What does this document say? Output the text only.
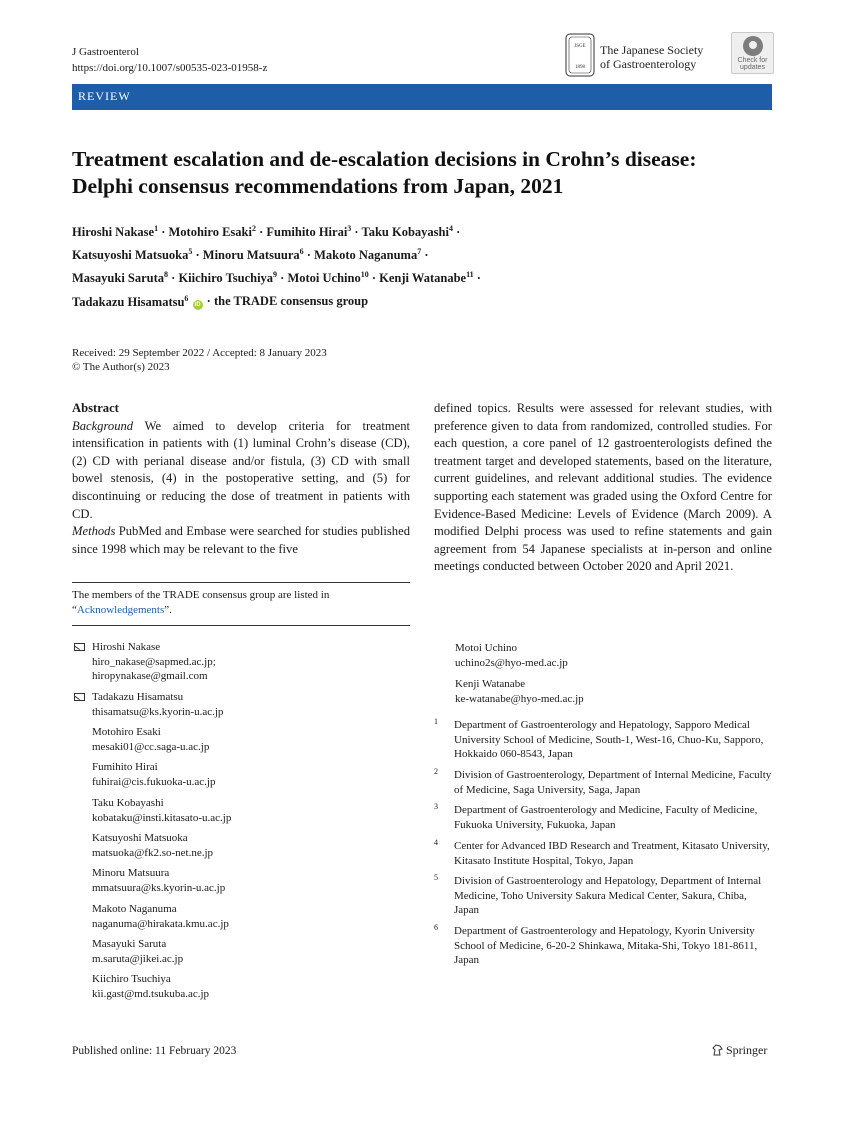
J Gastroenterol
https://doi.org/10.1007/s00535-023-01958-z
JSGE
1898
The Japanese Society
of Gastroenterology	Check for
updates
REVIEW
Treatment escalation and de-escalation decisions in Crohn’s disease: Delphi consensus recommendations from Japan, 2021
Hiroshi Nakase$^1$ · Motohiro Esaki$^2$ · Fumihito Hirai$^3$ · Taku Kobayashi$^4$ ·
Katsuyoshi Matsuoka$^5$ · Minoru Matsuura$^6$ · Makoto Naganuma$^7$ ·
Masayuki Saruta$^8$ · Kiichiro Tsuchiya$^9$ · Motoi Uchino$^{10}$ · Kenji Watanabe$^{11}$ ·
Tadakazu Hisamatsu$^6$ iD · the TRADE consensus group
Received: 29 September 2022 / Accepted: 8 January 2023
© The Author(s) 2023
Abstract
Background We aimed to develop criteria for treatment intensification in patients with (1) luminal Crohn’s disease (CD), (2) CD with perianal disease and/or fistula, (3) CD with small bowel stenosis, (4) in the postoperative setting, and (5) for discontinuing or reducing the dose of treatment in patients with CD.
Methods PubMed and Embase were searched for studies published since 1998 which may be relevant to the five
defined topics. Results were assessed for relevant studies, with preference given to data from randomized, controlled studies. For each question, a core panel of 12 gastroenterologists defined the treatment target and developed statements, based on the literature, current guidelines, and relevant additional studies. The evidence supporting each statement was graded using the Oxford Centre for Evidence-Based Medicine: Levels of Evidence (March 2009). A modified Delphi process was used to refine statements and gain agreement from 54 Japanese specialists at in-person and online meetings conducted between October 2020 and April 2021.
The members of the TRADE consensus group are listed in “Acknowledgements”.
Hiroshi Nakase
hiro_nakase@sapmed.ac.jp;
hiropynakase@gmail.com
Tadakazu Hisamatsu
thisamatsu@ks.kyorin-u.ac.jp
Motohiro Esaki
mesaki01@cc.saga-u.ac.jp
Fumihito Hirai
fuhirai@cis.fukuoka-u.ac.jp
Taku Kobayashi
kobataku@insti.kitasato-u.ac.jp
Katsuyoshi Matsuoka
matsuoka@fk2.so-net.ne.jp
Minoru Matsuura
mmatsuura@ks.kyorin-u.ac.jp
Makoto Naganuma
naganuma@hirakata.kmu.ac.jp
Masayuki Saruta
m.saruta@jikei.ac.jp
Kiichiro Tsuchiya
kii.gast@md.tsukuba.ac.jp
Motoi Uchino
uchino2s@hyo-med.ac.jp
Kenji Watanabe
ke-watanabe@hyo-med.ac.jp
1 Department of Gastroenterology and Hepatology, Sapporo Medical University School of Medicine, South-1, West-16, Chuo-Ku, Sapporo, Hokkaido 060-8543, Japan
2 Division of Gastroenterology, Department of Internal Medicine, Faculty of Medicine, Saga University, Saga, Japan
3 Department of Gastroenterology and Medicine, Faculty of Medicine, Fukuoka University, Fukuoka, Japan
4 Center for Advanced IBD Research and Treatment, Kitasato University, Kitasato Institute Hospital, Tokyo, Japan
5 Division of Gastroenterology and Hepatology, Department of Internal Medicine, Toho University Sakura Medical Center, Sakura, Chiba, Japan
6 Department of Gastroenterology and Hepatology, Kyorin University School of Medicine, 6-20-2 Shinkawa, Mitaka-Shi, Tokyo 181-8611, Japan
Published online: 11 February 2023	Springer
